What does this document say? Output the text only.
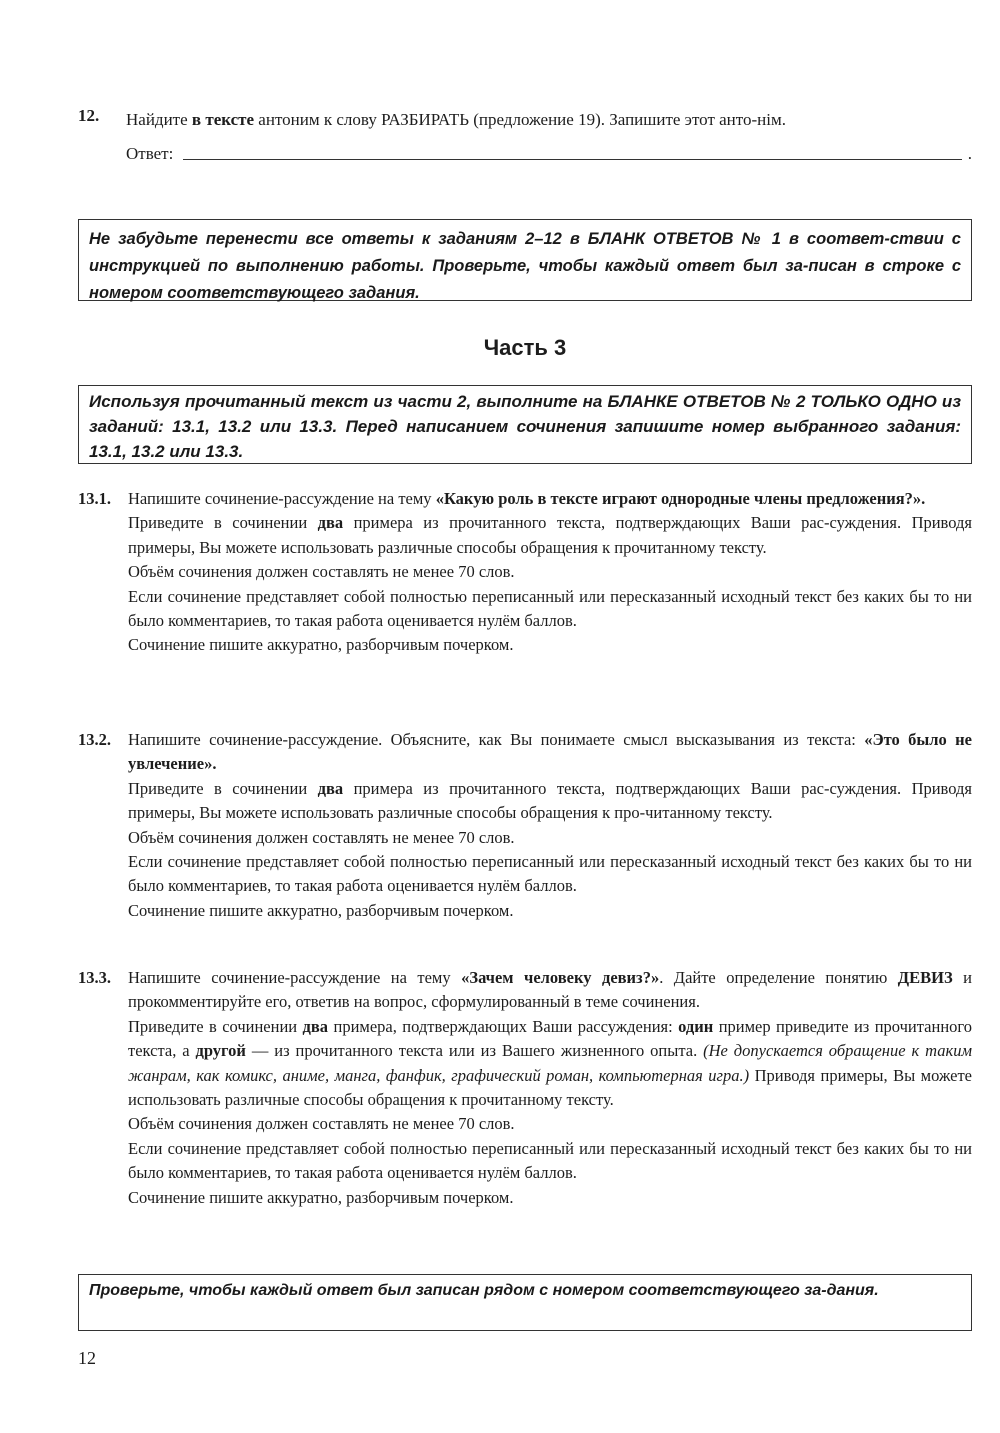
12. Найдите в тексте антоним к слову РАЗБИРАТЬ (предложение 19). Запишите этот анто-нім.
Ответ:	.
Не забудьте перенести все ответы к заданиям 2–12 в БЛАНК ОТВЕТОВ № 1 в соответ-ствии с инструкцией по выполнению работы. Проверьте, чтобы каждый ответ был за-писан в строке с номером соответствующего задания.
Часть 3
Используя прочитанный текст из части 2, выполните на БЛАНКЕ ОТВЕТОВ № 2 ТОЛЬКО ОДНО из заданий: 13.1, 13.2 или 13.3. Перед написанием сочинения запишите номер выбранного задания: 13.1, 13.2 или 13.3.
13.1. Напишите сочинение-рассуждение на тему «Какую роль в тексте играют однородные члены предложения?».

Приведите в сочинении два примера из прочитанного текста, подтверждающих Ваши рас-суждения. Приводя примеры, Вы можете использовать различные способы обращения к прочитанному тексту.

Объём сочинения должен составлять не менее 70 слов.

Если сочинение представляет собой полностью переписанный или пересказанный исходный текст без каких бы то ни было комментариев, то такая работа оценивается нулём баллов.

Сочинение пишите аккуратно, разборчивым почерком.

13.2. Напишите сочинение-рассуждение. Объясните, как Вы понимаете смысл высказывания из текста: «Это было не увлечение».

Приведите в сочинении два примера из прочитанного текста, подтверждающих Ваши рас-суждения. Приводя примеры, Вы можете использовать различные способы обращения к про-читанному тексту.

Объём сочинения должен составлять не менее 70 слов.

Если сочинение представляет собой полностью переписанный или пересказанный исходный текст без каких бы то ни было комментариев, то такая работа оценивается нулём баллов.

Сочинение пишите аккуратно, разборчивым почерком.

13.3. Напишите сочинение-рассуждение на тему «Зачем человеку девиз?». Дайте определение понятию ДЕВИЗ и прокомментируйте его, ответив на вопрос, сформулированный в теме сочинения.

Приведите в сочинении два примера, подтверждающих Ваши рассуждения: один пример приведите из прочитанного текста, а другой — из прочитанного текста или из Вашего жизненного опыта. (Не допускается обращение к таким жанрам, как комикс, аниме, манга, фанфик, графический роман, компьютерная игра.) Приводя примеры, Вы можете использовать различные способы обращения к прочитанному тексту.

Объём сочинения должен составлять не менее 70 слов.

Если сочинение представляет собой полностью переписанный или пересказанный исходный текст без каких бы то ни было комментариев, то такая работа оценивается нулём баллов.

Сочинение пишите аккуратно, разборчивым почерком.

Проверьте, чтобы каждый ответ был записан рядом с номером соответствующего за-дания.
12
